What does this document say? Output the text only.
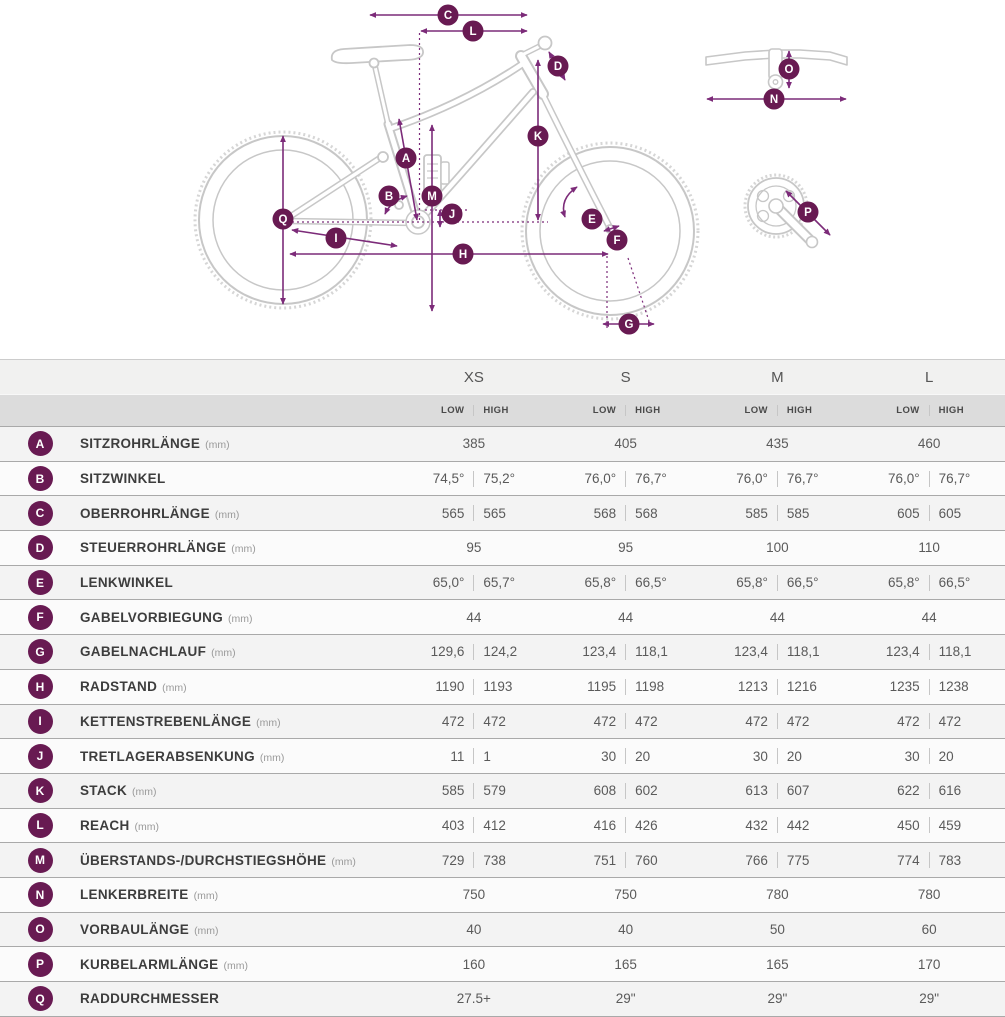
C
L
D
K
A
B	M
J
Q
I
H
E
F
G
O
N
P
XS	S	M	L
LOW	HIGH	LOW	HIGH	LOW	HIGH	LOW	HIGH
A	SITZROHRLÄNGE (mm)	385	405	435	460
B	SITZWINKEL	74,5°	75,2°	76,0°	76,7°	76,0°	76,7°	76,0°	76,7°
C	OBERROHRLÄNGE (mm)	565	565	568	568	585	585	605	605
D	STEUERROHRLÄNGE (mm)	95	95	100	110
E	LENKWINKEL	65,0°	65,7°	65,8°	66,5°	65,8°	66,5°	65,8°	66,5°
F	GABELVORBIEGUNG (mm)	44	44	44	44
G	GABELNACHLAUF (mm)	129,6	124,2	123,4	118,1	123,4	118,1	123,4	118,1
H	RADSTAND (mm)	1190	1193	1195	1198	1213	1216	1235	1238
I	KETTENSTREBENLÄNGE (mm)	472	472	472	472	472	472	472	472
J	TRETLAGERABSENKUNG (mm)	11	1	30	20	30	20	30	20
K	STACK (mm)	585	579	608	602	613	607	622	616
L	REACH (mm)	403	412	416	426	432	442	450	459
M	ÜBERSTANDS-/DURCHSTIEGSHÖHE (mm)	729	738	751	760	766	775	774	783
N	LENKERBREITE (mm)	750	750	780	780
O	VORBAULÄNGE (mm)	40	40	50	60
P	KURBELARMLÄNGE (mm)	160	165	165	170
Q	RADDURCHMESSER	27.5+	29"	29"	29"
